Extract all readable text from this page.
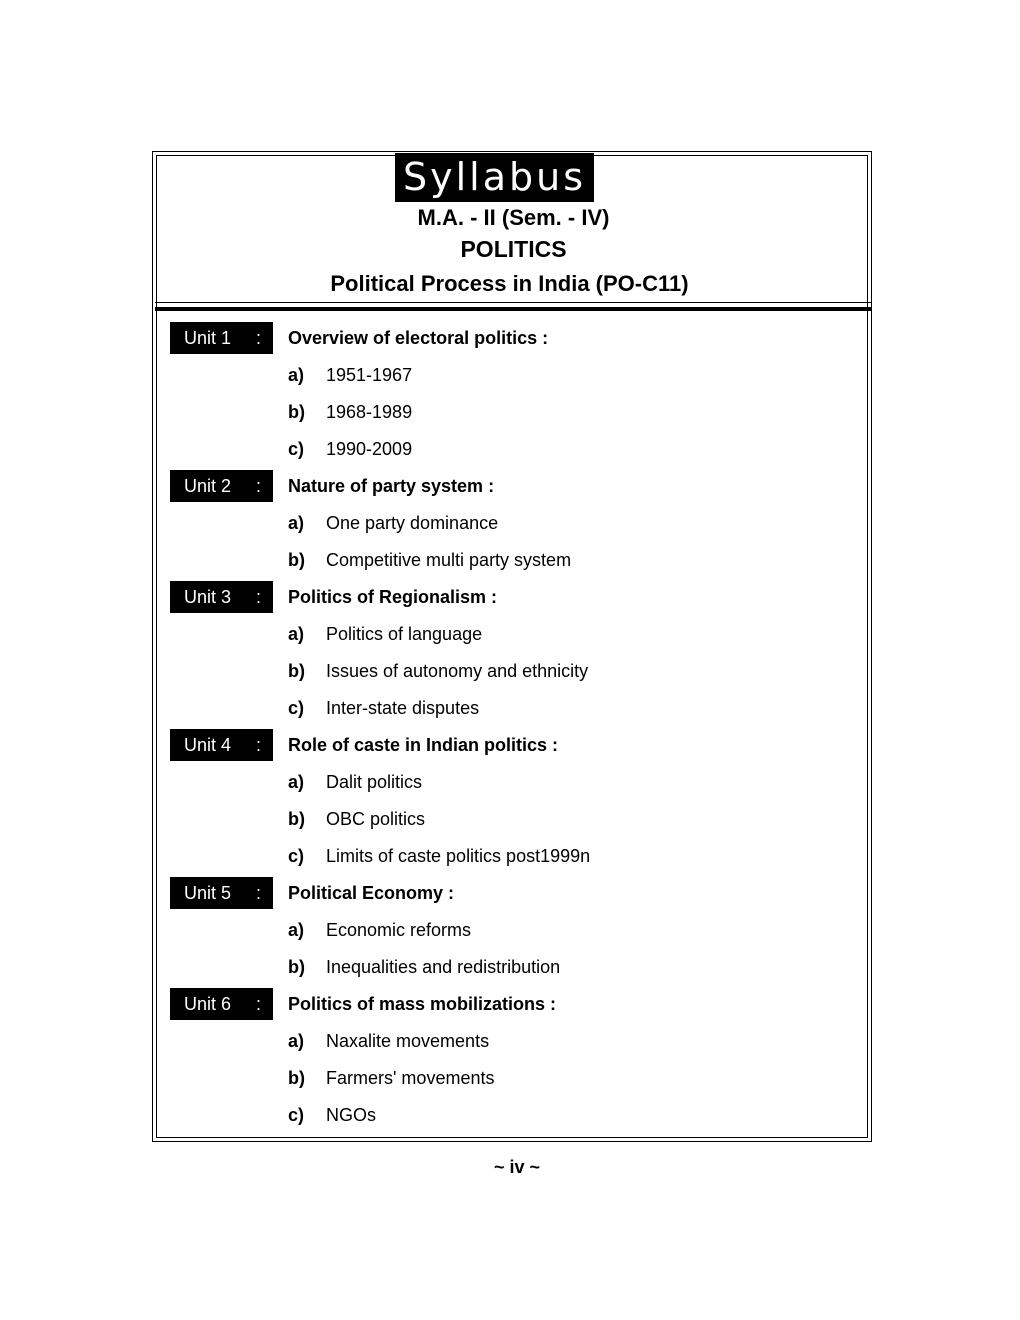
Syllabus
M.A. - II (Sem. - IV)
POLITICS
Political Process in India (PO-C11)
Unit 1 : Overview of electoral politics :
a) 1951-1967
b) 1968-1989
c) 1990-2009
Unit 2 : Nature of party system :
a) One party dominance
b) Competitive multi party system
Unit 3 : Politics of Regionalism :
a) Politics of language
b) Issues of autonomy and ethnicity
c) Inter-state disputes
Unit 4 : Role of caste in Indian politics :
a) Dalit politics
b) OBC politics
c) Limits of caste politics post1999n
Unit 5 : Political Economy :
a) Economic reforms
b) Inequalities and redistribution
Unit 6 : Politics of mass mobilizations :
a) Naxalite movements
b) Farmers' movements
c) NGOs
~ iv ~
